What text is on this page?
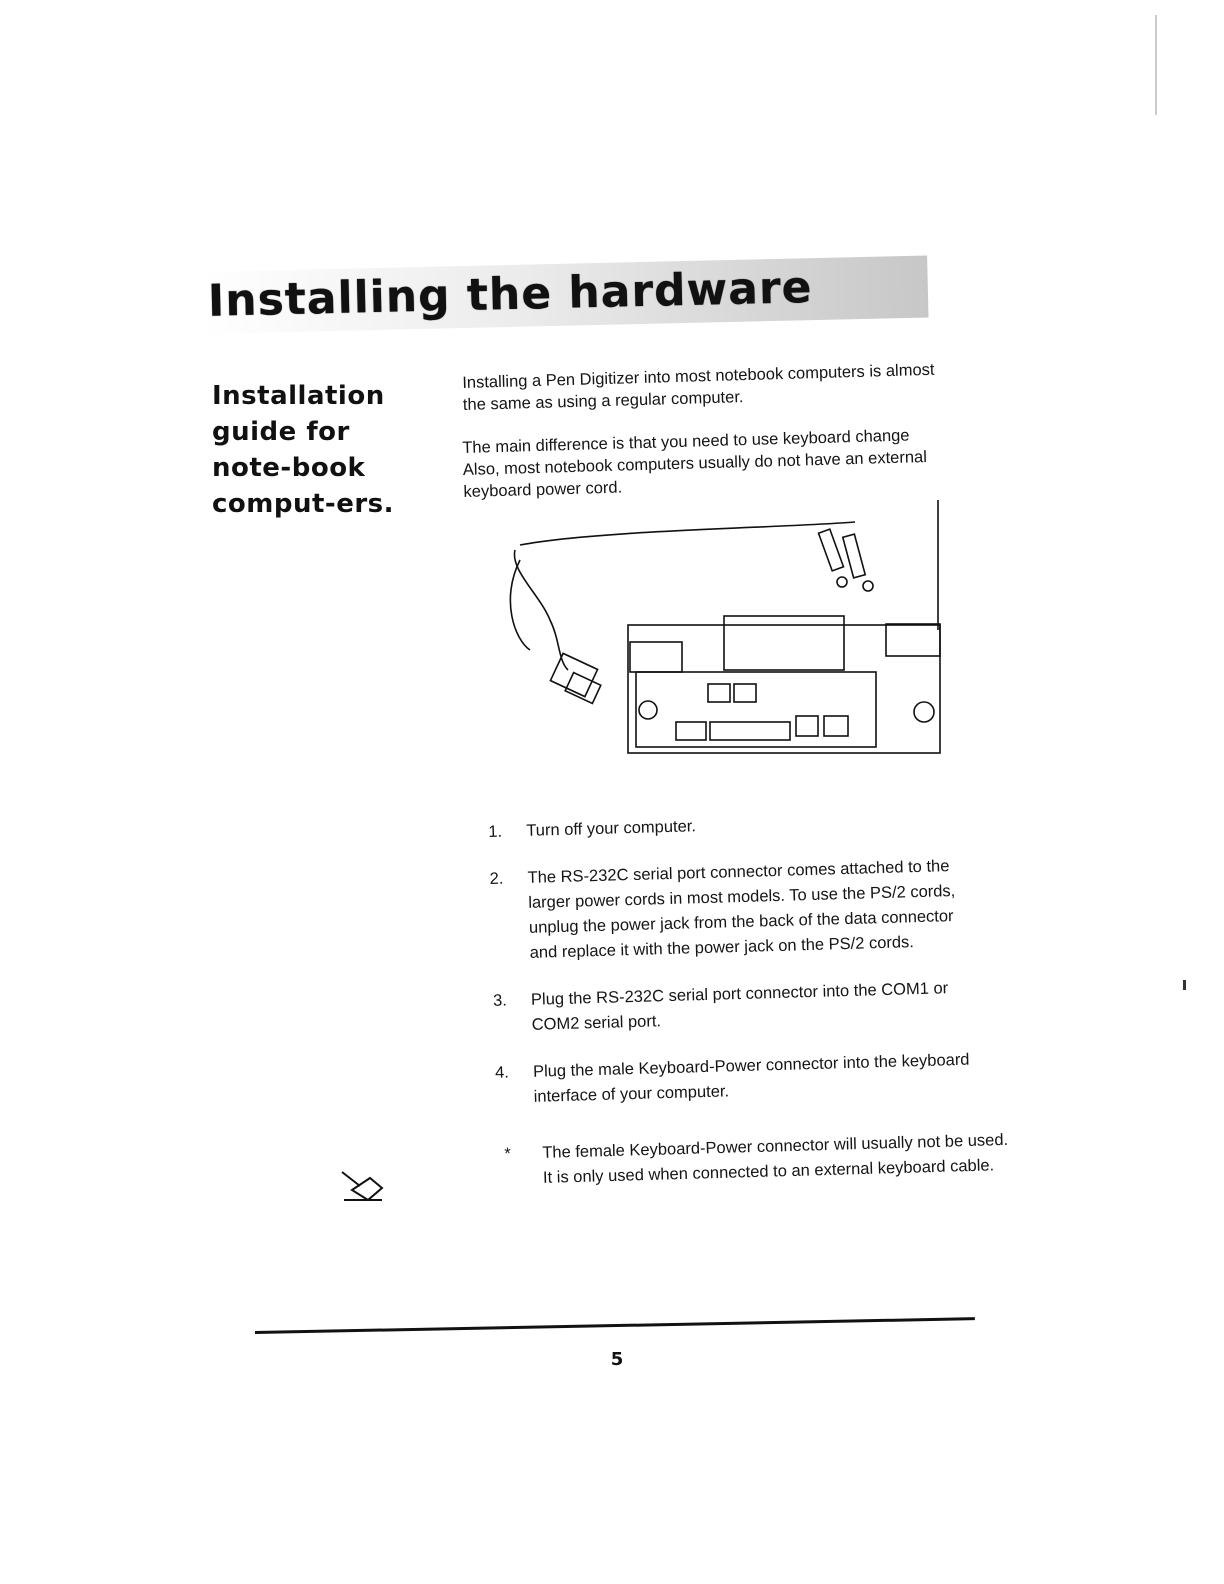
Installing the hardware
Installation guide for note-book comput-ers.

Installing a Pen Digitizer into most notebook computers is almost the same as using a regular computer.

The main difference is that you need to use keyboard change Also, most notebook computers usually do not have an external keyboard power cord.

1.	Turn off your computer.
2.	The RS-232C serial port connector comes attached to the larger power cords in most models. To use the PS/2 cords, unplug the power jack from the back of the data connector and replace it with the power jack on the PS/2 cords.
3.	Plug the RS-232C serial port connector into the COM1 or COM2 serial port.
4.	Plug the male Keyboard-Power connector into the keyboard interface of your computer.
* The female Keyboard-Power connector will usually not be used. It is only used when connected to an external keyboard cable.
5
